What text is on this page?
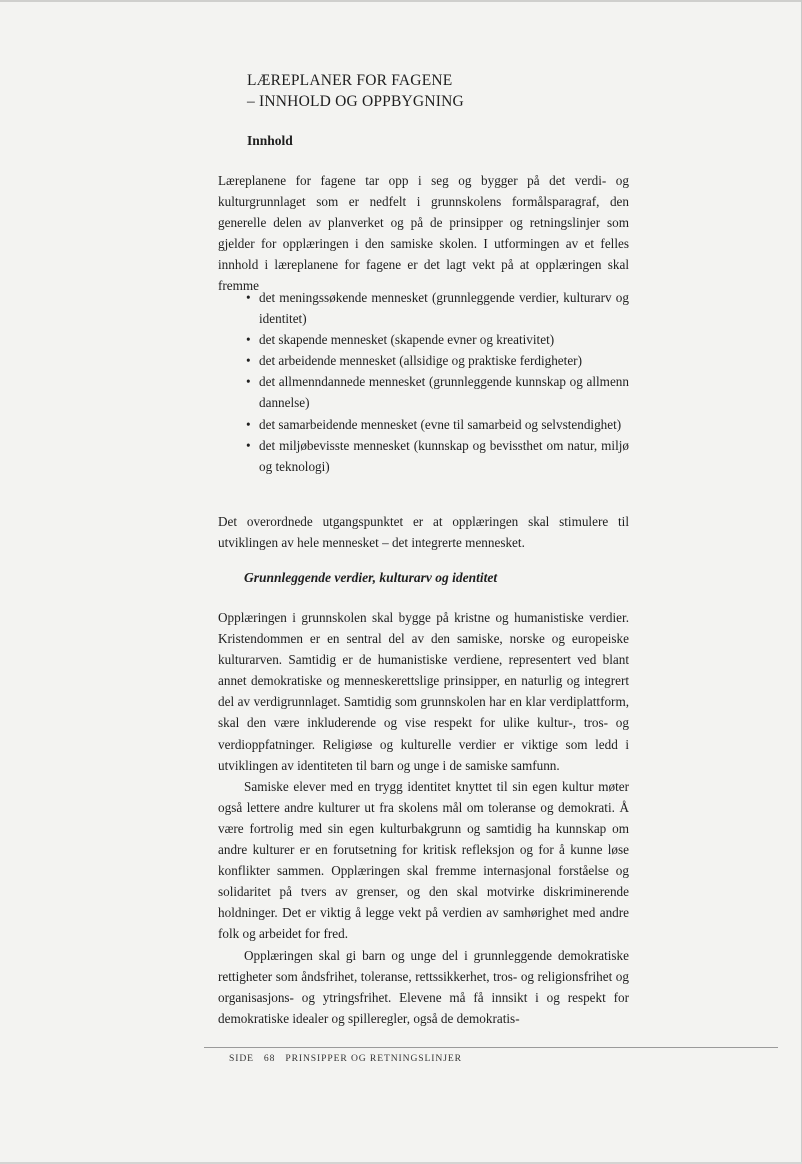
LÆREPLANER FOR FAGENE
– INNHOLD OG OPPBYGNING
Innhold

Læreplanene for fagene tar opp i seg og bygger på det verdi- og kulturgrunnlaget som er nedfelt i grunnskolens formålsparagraf, den generelle delen av planverket og på de prinsipper og retningslinjer som gjelder for opplæringen i den samiske skolen. I utformingen av et felles innhold i læreplanene for fagene er det lagt vekt på at opplæringen skal fremme

• det meningssøkende mennesket (grunnleggende verdier, kulturarv og identitet)
• det skapende mennesket (skapende evner og kreativitet)
• det arbeidende mennesket (allsidige og praktiske ferdigheter)
• det allmenndannede mennesket (grunnleggende kunnskap og allmenn dannelse)
• det samarbeidende mennesket (evne til samarbeid og selvstendighet)
• det miljøbevisste mennesket (kunnskap og bevissthet om natur, miljø og teknologi)

Det overordnede utgangspunktet er at opplæringen skal stimulere til utviklingen av hele mennesket – det integrerte mennesket.

Grunnleggende verdier, kulturarv og identitet

Opplæringen i grunnskolen skal bygge på kristne og humanistiske verdier. Kristendommen er en sentral del av den samiske, norske og europeiske kulturarven. Samtidig er de humanistiske verdiene, representert ved blant annet demokratiske og menneskerettslige prinsipper, en naturlig og integrert del av verdigrunnlaget. Samtidig som grunnskolen har en klar verdiplattform, skal den være inkluderende og vise respekt for ulike kultur-, tros- og verdioppfatninger. Religiøse og kulturelle verdier er viktige som ledd i utviklingen av identiteten til barn og unge i de samiske samfunn.

Samiske elever med en trygg identitet knyttet til sin egen kultur møter også lettere andre kulturer ut fra skolens mål om toleranse og demokrati. Å være fortrolig med sin egen kulturbakgrunn og samtidig ha kunnskap om andre kulturer er en forutsetning for kritisk refleksjon og for å kunne løse konflikter sammen. Opplæringen skal fremme internasjonal forståelse og solidaritet på tvers av grenser, og den skal motvirke diskriminerende holdninger. Det er viktig å legge vekt på verdien av samhørighet med andre folk og arbeidet for fred.

Opplæringen skal gi barn og unge del i grunnleggende demokratiske rettigheter som åndsfrihet, toleranse, rettssikkerhet, tros- og religionsfrihet og organisasjons- og ytringsfrihet. Elevene må få innsikt i og respekt for demokratiske idealer og spilleregler, også de demokratis-

SIDE 68 PRINSIPPER OG RETNINGSLINJER
